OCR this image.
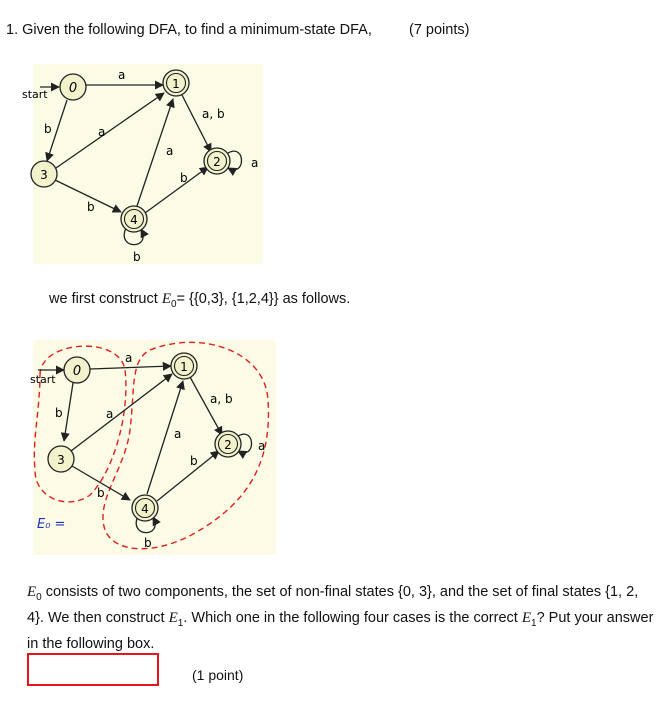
1. Given the following DFA, to find a minimum-state DFA,	(7 points)
start
a
b	a
b
a, b
a
b
a
b
0	1
2
3
4
we first construct $E_0= \{\{0,3\}$, {1,2,4}} as follows.
start
a
b	a
b
a, b
a
b
a
b
0	1
2
3
4
E₀ =
$E_0$ consists of two components, the set of non-final states {0, 3}, and the set of final states {1, 2, 4}. We then construct $E_1$. Which one in the following four cases is the correct $E_1$? Put your answer in the following box.
(1 point)
